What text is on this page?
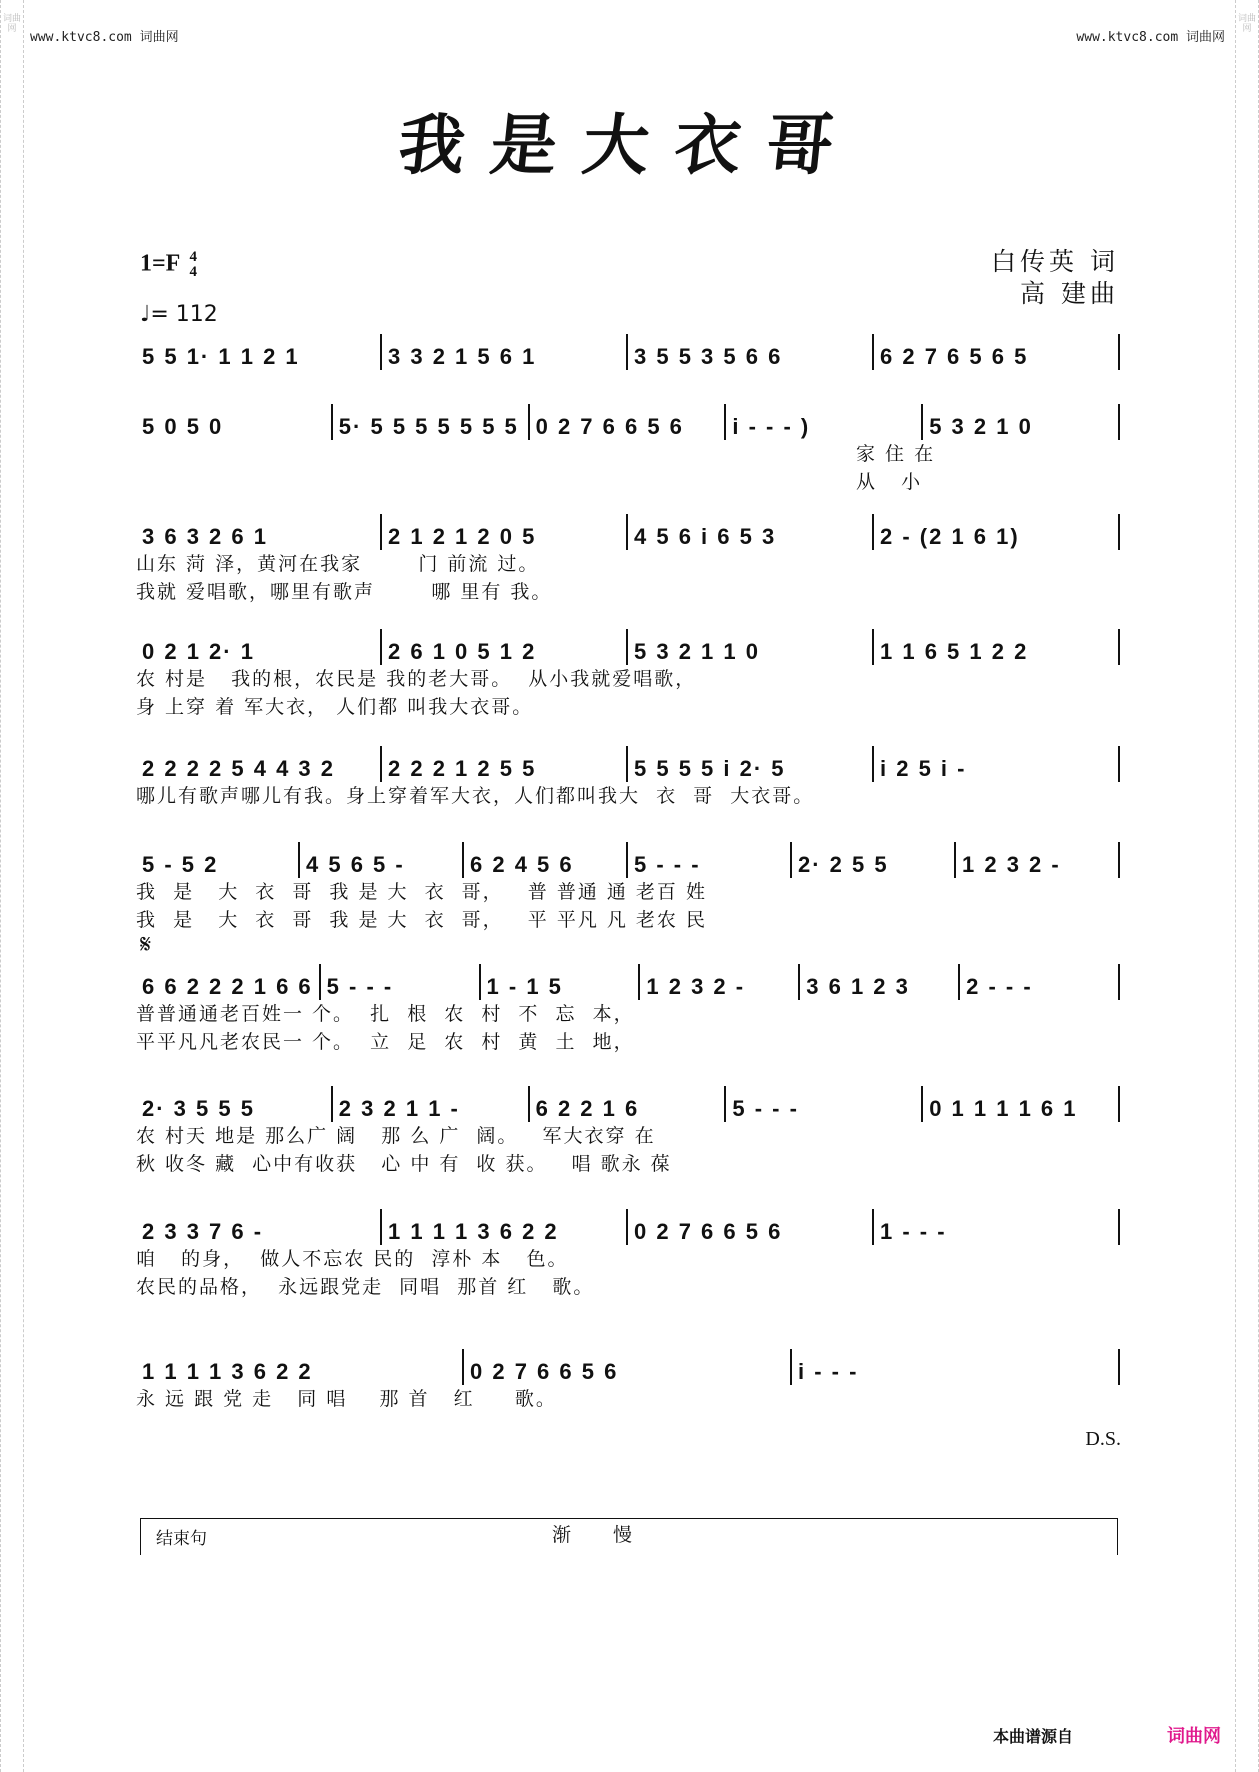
词曲网
词曲网
www.ktvc8.com 词曲网	www.ktvc8.com 词曲网
我是大衣哥
1=F 4
4
♩= 112
白传英 词
高 建曲
𝄋
5 5 1· 1 1 2 1	3 3 2 1 5 6 1	3 5 5 3 5 6 6	6 2 7 6 5 6 5
5 0 5 0	5· 5 5 5 5 5 5 5 0 2 7 6 6 5 6	i - - - )	5 3 2 1 0
家 住 在
从   小
3 6 3 2 6 1	2 1 2 1 2 0 5	4 5 6 i 6 5 3	2 - (2 1 6 1)
山东 菏 泽，黄河在我家       门 前流 过。
我就 爱唱歌，哪里有歌声       哪 里有 我。
0 2 1 2· 1	2 6 1 0 5 1 2	5 3 2 1 1 0	1 1 6 5 1 2 2
农 村是   我的根，农民是 我的老大哥。  从小我就爱唱歌，
身 上穿 着 军大衣， 人们都 叫我大衣哥。
2 2 2 2 5 4 4 3 2	2 2 2 1 2 5 5	5 5 5 5 i 2· 5	i 2 5 i -
哪儿有歌声哪儿有我。身上穿着军大衣，人们都叫我大  衣  哥  大衣哥。
5 - 5 2	4 5 6 5 -	6 2 4 5 6	5 - - -	2· 2 5 5	1 2 3 2 -
我  是   大  衣  哥  我 是 大  衣  哥，   普 普通 通 老百 姓
我  是   大  衣  哥  我 是 大  衣  哥，   平 平凡 凡 老农 民
6 6 2 2 2 1 6 6 5 - - -	1 - 1 5	1 2 3 2 -	3 6 1 2 3	2 - - -
普普通通老百姓一 个。  扎  根  农  村  不  忘  本，
平平凡凡老农民一 个。  立  足  农  村  黄  土  地，
2· 3 5 5 5	2 3 2 1 1 -	6 2 2 1 6	5 - - -	0 1 1 1 1 6 1
农 村天 地是 那么广 阔   那 么 广  阔。   军大衣穿 在
秋 收冬 藏  心中有收获   心 中 有  收 获。   唱 歌永 葆
2 3 3 7 6 -	1 1 1 1 3 6 2 2	0 2 7 6 6 5 6	1 - - -
咱   的身，  做人不忘农 民的  淳朴 本   色。
农民的品格，  永远跟党走  同唱  那首 红   歌。
1 1 1 1 3 6 2 2	0 2 7 6 6 5 6	i - - -
永 远 跟 党 走   同 唱    那 首   红     歌。
结束句	渐 慢
D.S.
本曲谱源自	词曲网
